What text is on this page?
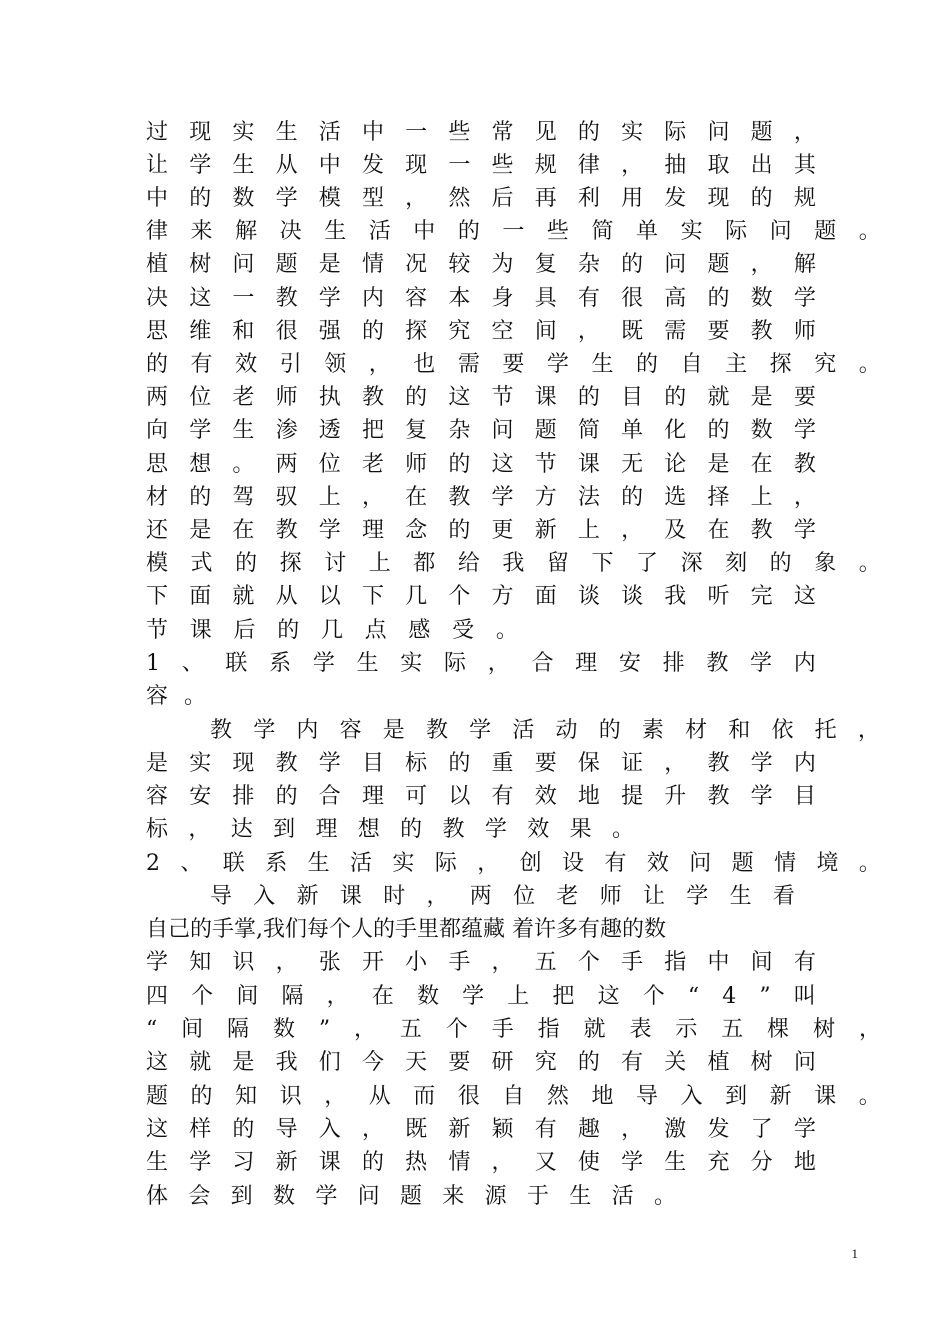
过 现 实 生 活 中 一 些 常 见 的 实 际 问 题 ，
让 学 生 从 中 发 现 一 些 规 律 ， 抽 取 出 其
中 的 数 学 模 型 ， 然 后 再 利 用 发 现 的 规
律 来 解 决 生 活 中 的 一 些 简 单 实 际 问 题 。
植 树 问 题 是 情 况 较 为 复 杂 的 问 题 ， 解
决 这 一 教 学 内 容 本 身 具 有 很 高 的 数 学
思 维 和 很 强 的 探 究 空 间 ， 既 需 要 教 师
的 有 效 引 领 ， 也 需 要 学 生 的 自 主 探 究 。
两 位 老 师 执 教 的 这 节 课 的 目 的 就 是 要
向 学 生 渗 透 把 复 杂 问 题 简 单 化 的 数 学
思 想 。 两 位 老 师 的 这 节 课 无 论 是 在 教
材 的 驾 驭 上 ， 在 教 学 方 法 的 选 择 上 ，
还 是 在 教 学 理 念 的 更 新 上 ， 及 在 教 学
模 式 的 探 讨 上 都 给 我 留 下 了 深 刻 的 象 。
下 面 就 从 以 下 几 个 方 面 谈 谈 我 听 完 这
节 课 后 的 几 点 感 受 。
1 、 联 系 学 生 实 际 ， 合 理 安 排 教 学 内
容 。
教 学 内 容 是 教 学 活 动 的 素 材 和 依 托 ，
是 实 现 教 学 目 标 的 重 要 保 证 ， 教 学 内
容 安 排 的 合 理 可 以 有 效 地 提 升 教 学 目
标 ， 达 到 理 想 的 教 学 效 果 。
2 、 联 系 生 活 实 际 ， 创 设 有 效 问 题 情 境 。
导 入 新 课 时 ， 两 位 老 师 让 学 生 看
自己的手掌,我们每个人的手里都蕴藏 着许多有趣的数
学 知 识 ， 张 开 小 手 ， 五 个 手 指 中 间 有
四 个 间 隔 ， 在 数 学 上 把 这 个 “ 4 ” 叫
“ 间 隔 数 ” ， 五 个 手 指 就 表 示 五 棵 树 ，
这 就 是 我 们 今 天 要 研 究 的 有 关 植 树 问
题 的 知 识 ， 从 而 很 自 然 地 导 入 到 新 课 。
这 样 的 导 入 ， 既 新 颖 有 趣 ， 激 发 了 学
生 学 习 新 课 的 热 情 ， 又 使 学 生 充 分 地
体 会 到 数 学 问 题 来 源 于 生 活 。
1
